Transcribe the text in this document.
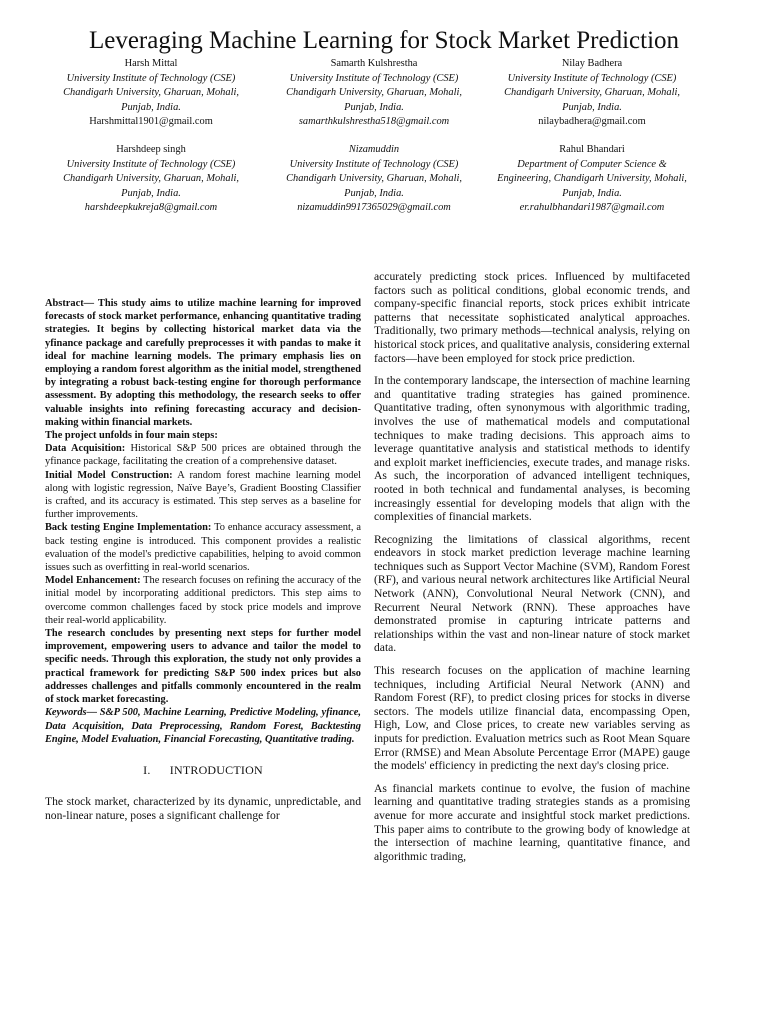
Leveraging Machine Learning for Stock Market Prediction
Harsh Mittal
University Institute of Technology (CSE)
Chandigarh University, Gharuan, Mohali,
Punjab, India.
Harshmittal1901@gmail.com
Samarth Kulshrestha
University Institute of Technology (CSE)
Chandigarh University, Gharuan, Mohali,
Punjab, India.
samarthkulshrestha518@gmail.com
Nilay Badhera
University Institute of Technology (CSE)
Chandigarh University, Gharuan, Mohali,
Punjab, India.
nilaybadhera@gmail.com
Harshdeep singh
University Institute of Technology (CSE)
Chandigarh University, Gharuan, Mohali,
Punjab, India.
harshdeepkukreja8@gmail.com
Nizamuddin
University Institute of Technology (CSE)
Chandigarh University, Gharuan, Mohali,
Punjab, India.
nizamuddin9917365029@gmail.com
Rahul Bhandari
Department of Computer Science &
Engineering, Chandigarh University, Mohali,
Punjab, India.
er.rahulbhandari1987@gmail.com

Abstract— This study aims to utilize machine learning for improved forecasts of stock market performance, enhancing quantitative trading strategies. It begins by collecting historical market data via the yfinance package and carefully preprocesses it with pandas to make it ideal for machine learning models. The primary emphasis lies on employing a random forest algorithm as the initial model, strengthened by integrating a robust back-testing engine for thorough performance assessment. By adopting this methodology, the research seeks to offer valuable insights into refining forecasting accuracy and decision-making within financial markets.

The project unfolds in four main steps:

Data Acquisition: Historical S&P 500 prices are obtained through the yfinance package, facilitating the creation of a comprehensive dataset.

Initial Model Construction: A random forest machine learning model along with logistic regression, Naïve Baye’s, Gradient Boosting Classifier is crafted, and its accuracy is estimated. This step serves as a baseline for further improvements.

Back testing Engine Implementation: To enhance accuracy assessment, a back testing engine is introduced. This component provides a realistic evaluation of the model's predictive capabilities, helping to avoid common issues such as overfitting in real-world scenarios.

Model Enhancement: The research focuses on refining the accuracy of the initial model by incorporating additional predictors. This step aims to overcome common challenges faced by stock price models and improve their real-world applicability.

The research concludes by presenting next steps for further model improvement, empowering users to advance and tailor the model to specific needs. Through this exploration, the study not only provides a practical framework for predicting S&P 500 index prices but also addresses challenges and pitfalls commonly encountered in the realm of stock market forecasting.

Keywords— S&P 500, Machine Learning, Predictive Modeling, yfinance, Data Acquisition, Data Preprocessing, Random Forest, Backtesting Engine, Model Evaluation, Financial Forecasting, Quantitative trading.

I.      INTRODUCTION

The stock market, characterized by its dynamic, unpredictable, and non-linear nature, poses a significant challenge for

accurately predicting stock prices. Influenced by multifaceted factors such as political conditions, global economic trends, and company-specific financial reports, stock prices exhibit intricate patterns that necessitate sophisticated analytical approaches. Traditionally, two primary methods—technical analysis, relying on historical stock prices, and qualitative analysis, considering external factors—have been employed for stock price prediction.

In the contemporary landscape, the intersection of machine learning and quantitative trading strategies has gained prominence. Quantitative trading, often synonymous with algorithmic trading, involves the use of mathematical models and computational techniques to make trading decisions. This approach aims to leverage quantitative analysis and statistical methods to identify and exploit market inefficiencies, execute trades, and manage risks. As such, the incorporation of advanced intelligent techniques, rooted in both technical and fundamental analyses, is becoming increasingly essential for developing models that align with the complexities of financial markets.

Recognizing the limitations of classical algorithms, recent endeavors in stock market prediction leverage machine learning techniques such as Support Vector Machine (SVM), Random Forest (RF), and various neural network architectures like Artificial Neural Network (ANN), Convolutional Neural Network (CNN), and Recurrent Neural Network (RNN). These approaches have demonstrated promise in capturing intricate patterns and relationships within the vast and non-linear nature of stock market data.

This research focuses on the application of machine learning techniques, including Artificial Neural Network (ANN) and Random Forest (RF), to predict closing prices for stocks in diverse sectors. The models utilize financial data, encompassing Open, High, Low, and Close prices, to create new variables serving as inputs for prediction. Evaluation metrics such as Root Mean Square Error (RMSE) and Mean Absolute Percentage Error (MAPE) gauge the models' efficiency in predicting the next day's closing price.

As financial markets continue to evolve, the fusion of machine learning and quantitative trading strategies stands as a promising avenue for more accurate and insightful stock market predictions. This paper aims to contribute to the growing body of knowledge at the intersection of machine learning, quantitative finance, and algorithmic trading,
